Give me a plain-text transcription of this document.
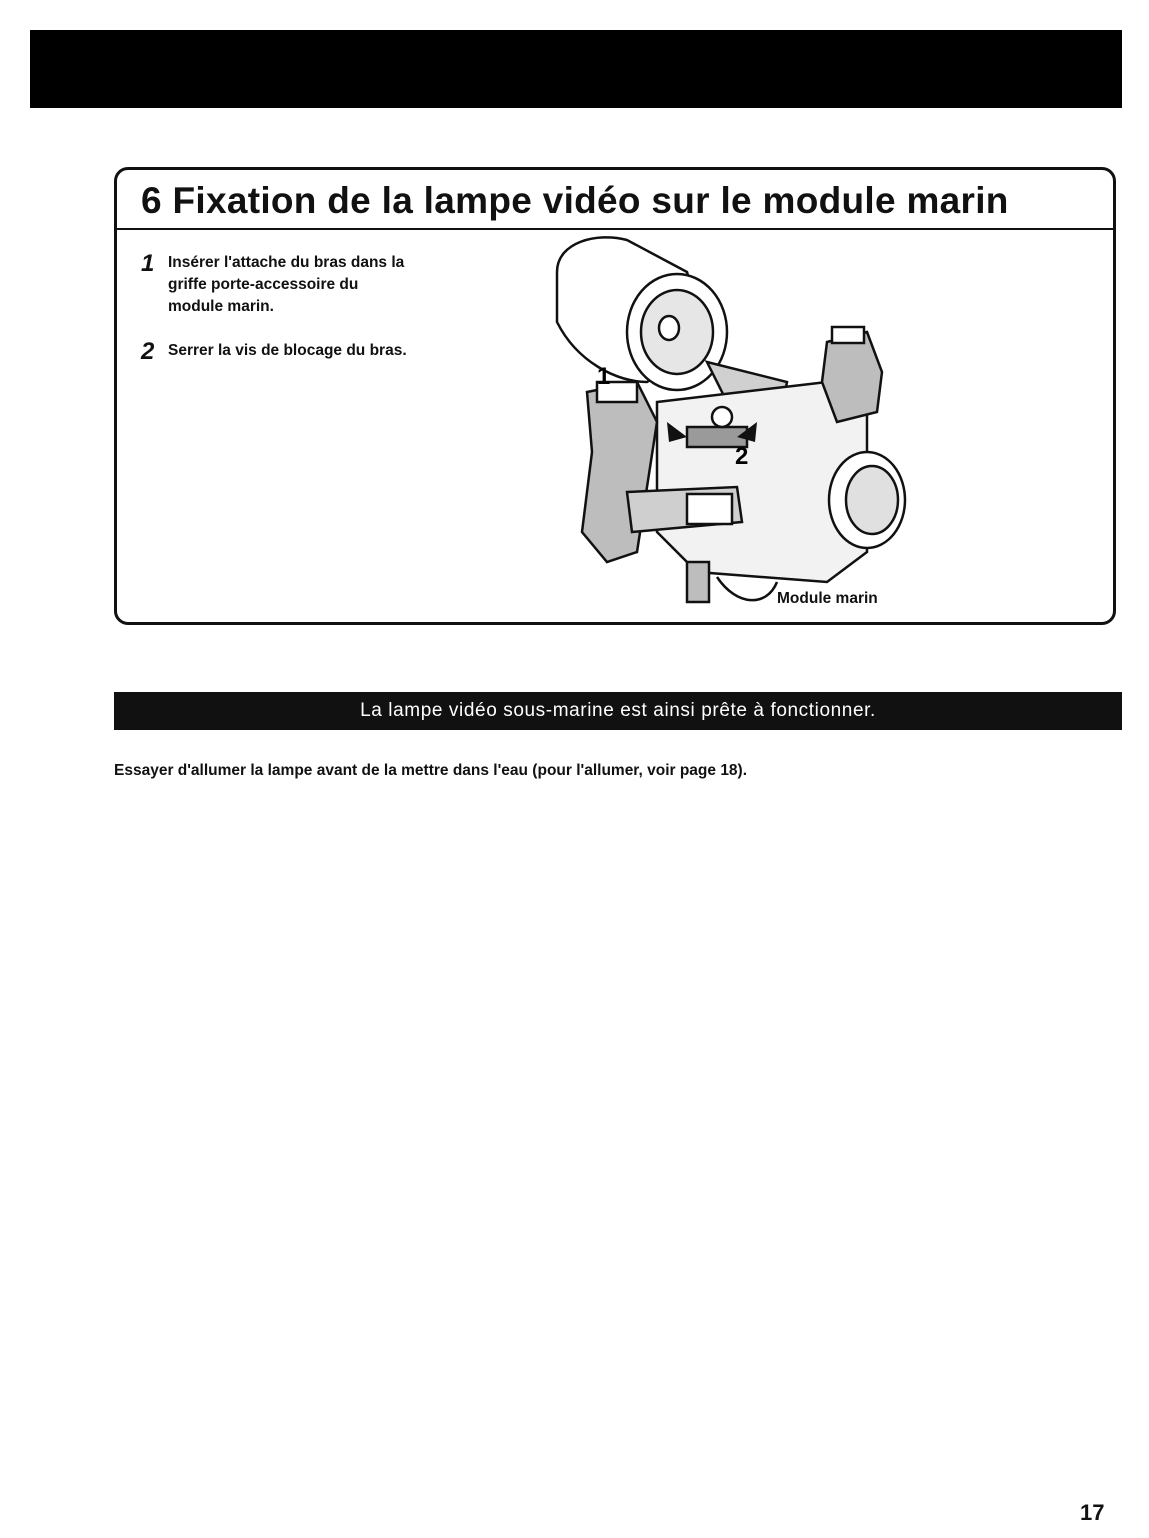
6 Fixation de la lampe vidéo sur le module marin
1 Insérer l'attache du bras dans la
griffe porte-accessoire du
module marin.
2 Serrer la vis de blocage du bras.
1
2
Module marin
La lampe vidéo sous-marine est ainsi prête à fonctionner.
Essayer d'allumer la lampe avant de la mettre dans l'eau (pour l'allumer, voir page 18).
17
